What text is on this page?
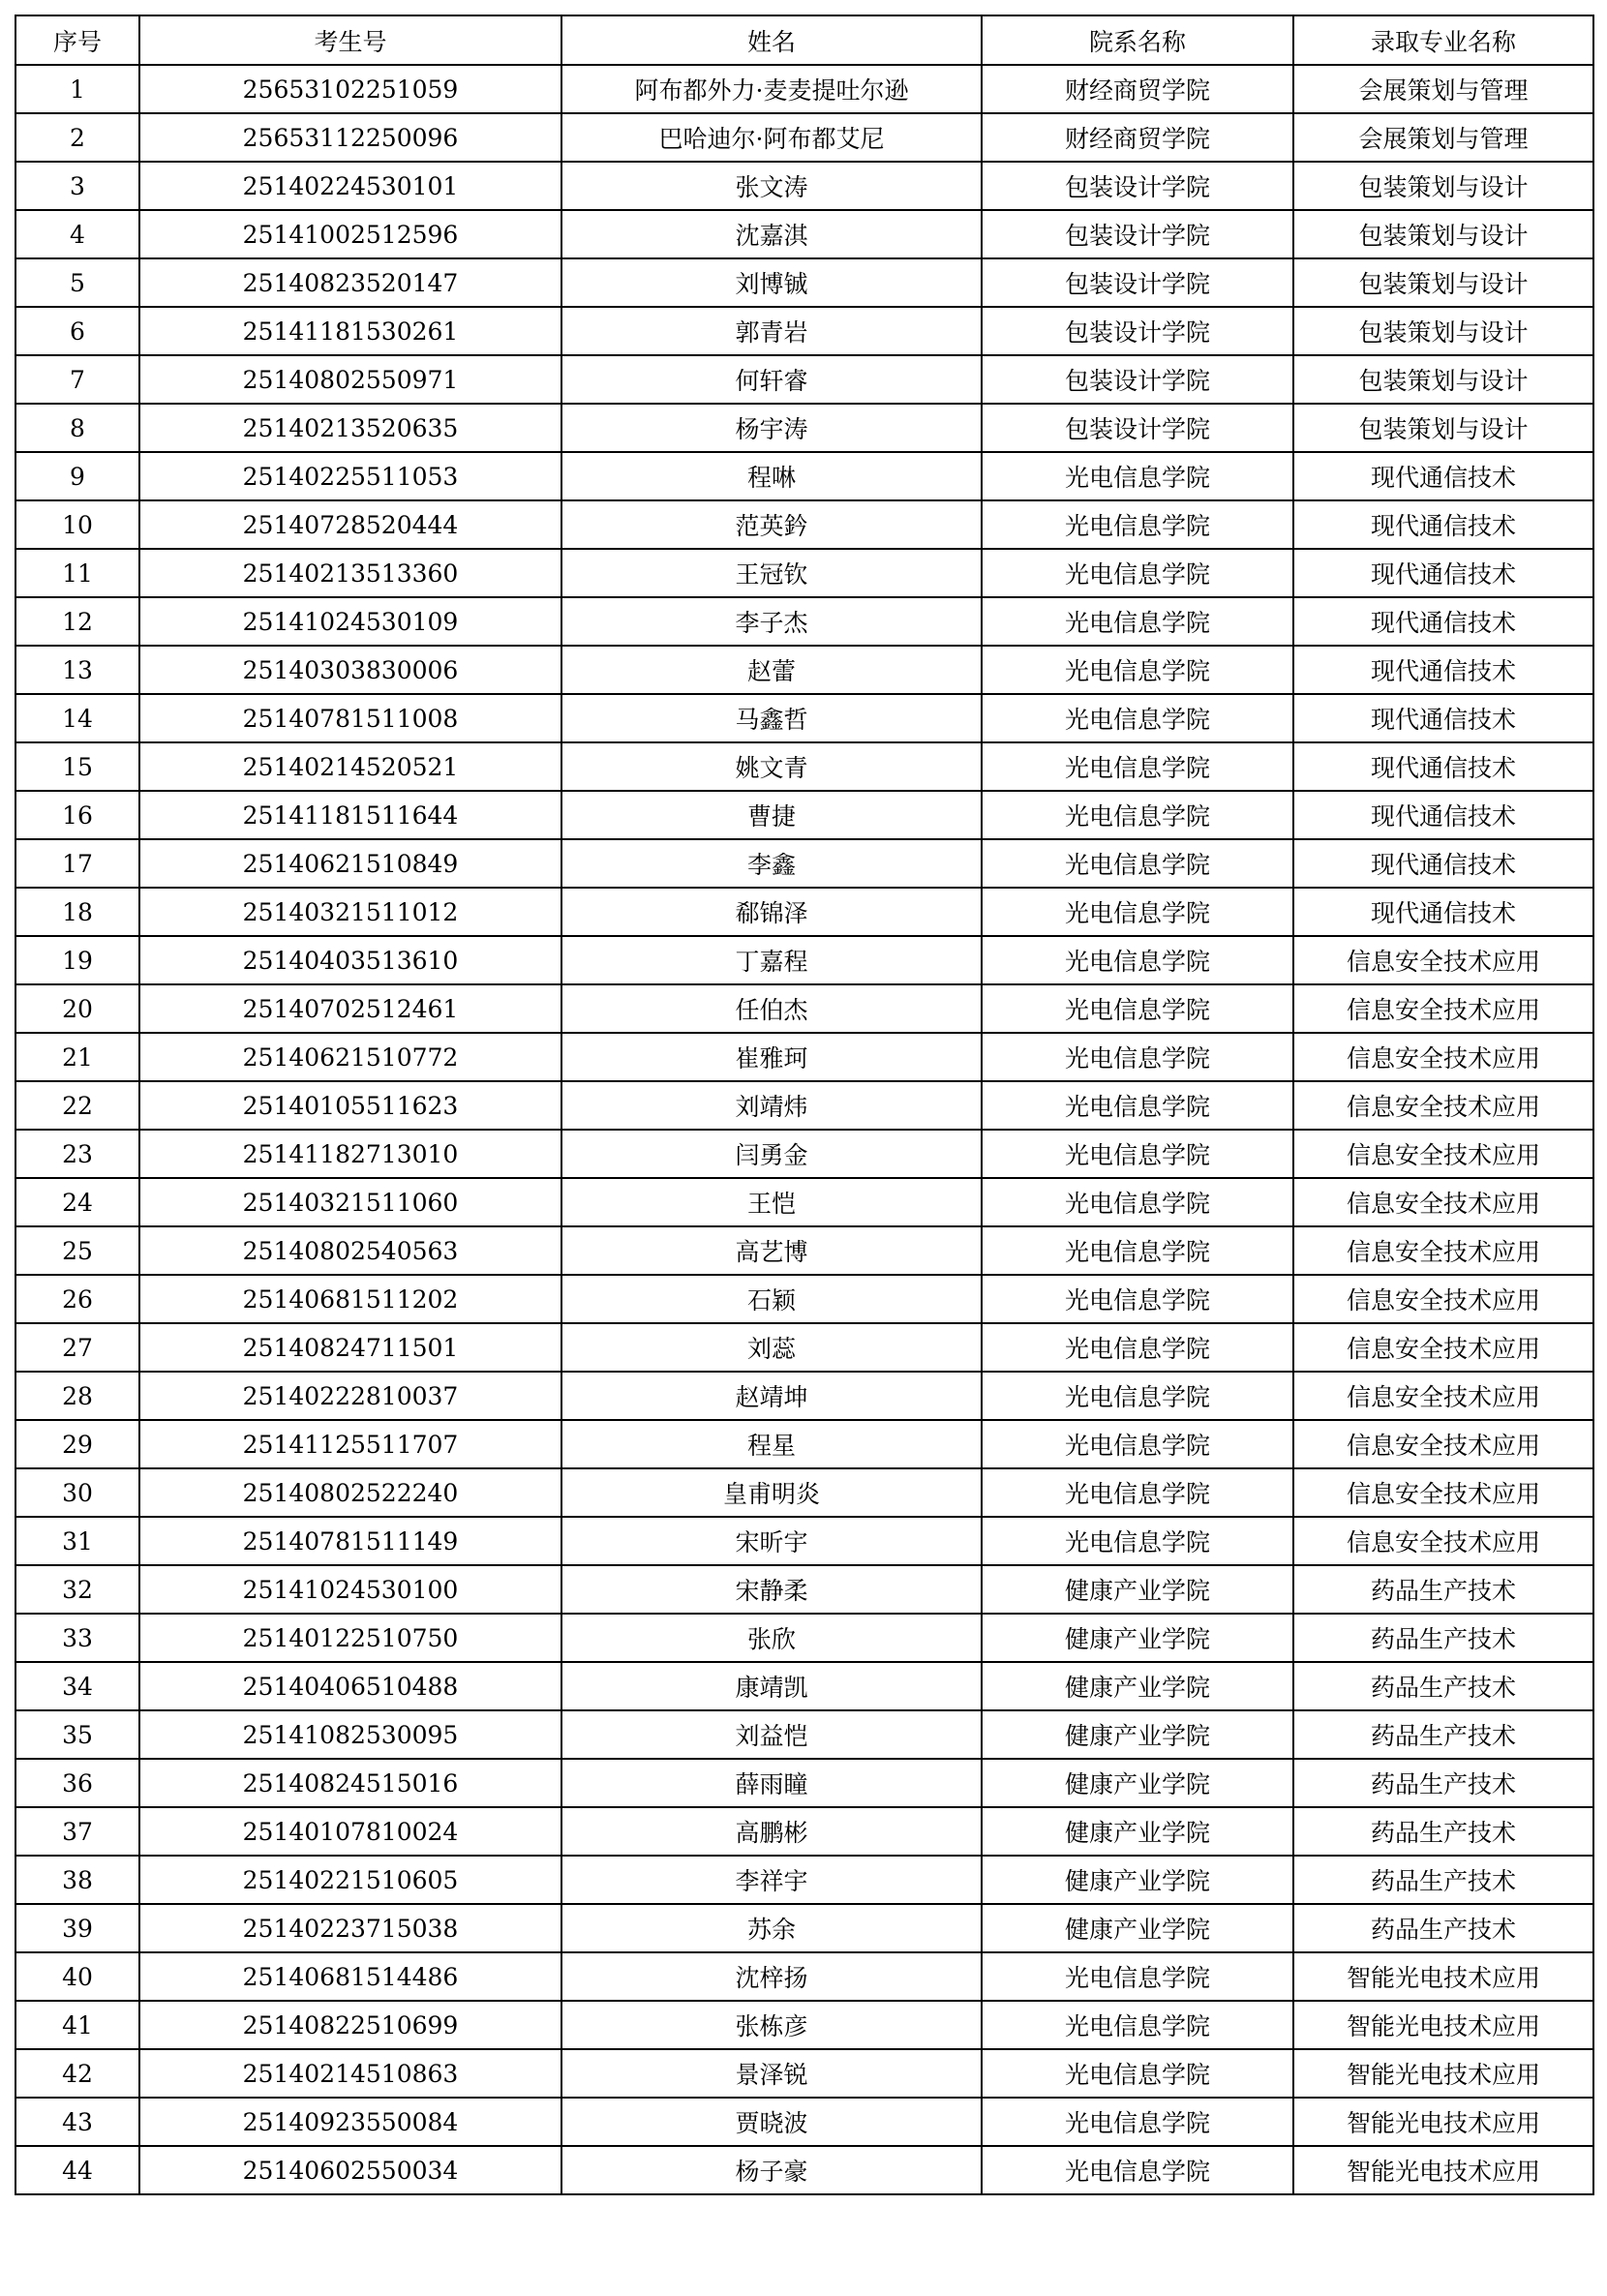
序号	考生号	姓名	院系名称	录取专业名称
1	25653102251059	阿布都外力·麦麦提吐尔逊	财经商贸学院	会展策划与管理
2	25653112250096	巴哈迪尔·阿布都艾尼	财经商贸学院	会展策划与管理
3	25140224530101	张文涛	包装设计学院	包装策划与设计
4	25141002512596	沈嘉淇	包装设计学院	包装策划与设计
5	25140823520147	刘博铖	包装设计学院	包装策划与设计
6	25141181530261	郭青岩	包装设计学院	包装策划与设计
7	25140802550971	何轩睿	包装设计学院	包装策划与设计
8	25140213520635	杨宇涛	包装设计学院	包装策划与设计
9	25140225511053	程啉	光电信息学院	现代通信技术
10	25140728520444	范英鈐	光电信息学院	现代通信技术
11	25140213513360	王冠钦	光电信息学院	现代通信技术
12	25141024530109	李子杰	光电信息学院	现代通信技术
13	25140303830006	赵蕾	光电信息学院	现代通信技术
14	25140781511008	马鑫哲	光电信息学院	现代通信技术
15	25140214520521	姚文青	光电信息学院	现代通信技术
16	25141181511644	曹捷	光电信息学院	现代通信技术
17	25140621510849	李鑫	光电信息学院	现代通信技术
18	25140321511012	郗锦泽	光电信息学院	现代通信技术
19	25140403513610	丁嘉程	光电信息学院	信息安全技术应用
20	25140702512461	任伯杰	光电信息学院	信息安全技术应用
21	25140621510772	崔雅珂	光电信息学院	信息安全技术应用
22	25140105511623	刘靖炜	光电信息学院	信息安全技术应用
23	25141182713010	闫勇金	光电信息学院	信息安全技术应用
24	25140321511060	王恺	光电信息学院	信息安全技术应用
25	25140802540563	高艺博	光电信息学院	信息安全技术应用
26	25140681511202	石颖	光电信息学院	信息安全技术应用
27	25140824711501	刘蕊	光电信息学院	信息安全技术应用
28	25140222810037	赵靖坤	光电信息学院	信息安全技术应用
29	25141125511707	程星	光电信息学院	信息安全技术应用
30	25140802522240	皇甫明炎	光电信息学院	信息安全技术应用
31	25140781511149	宋昕宇	光电信息学院	信息安全技术应用
32	25141024530100	宋静柔	健康产业学院	药品生产技术
33	25140122510750	张欣	健康产业学院	药品生产技术
34	25140406510488	康靖凯	健康产业学院	药品生产技术
35	25141082530095	刘益恺	健康产业学院	药品生产技术
36	25140824515016	薛雨瞳	健康产业学院	药品生产技术
37	25140107810024	高鹏彬	健康产业学院	药品生产技术
38	25140221510605	李祥宇	健康产业学院	药品生产技术
39	25140223715038	苏余	健康产业学院	药品生产技术
40	25140681514486	沈梓扬	光电信息学院	智能光电技术应用
41	25140822510699	张栋彦	光电信息学院	智能光电技术应用
42	25140214510863	景泽锐	光电信息学院	智能光电技术应用
43	25140923550084	贾晓波	光电信息学院	智能光电技术应用
44	25140602550034	杨子豪	光电信息学院	智能光电技术应用
